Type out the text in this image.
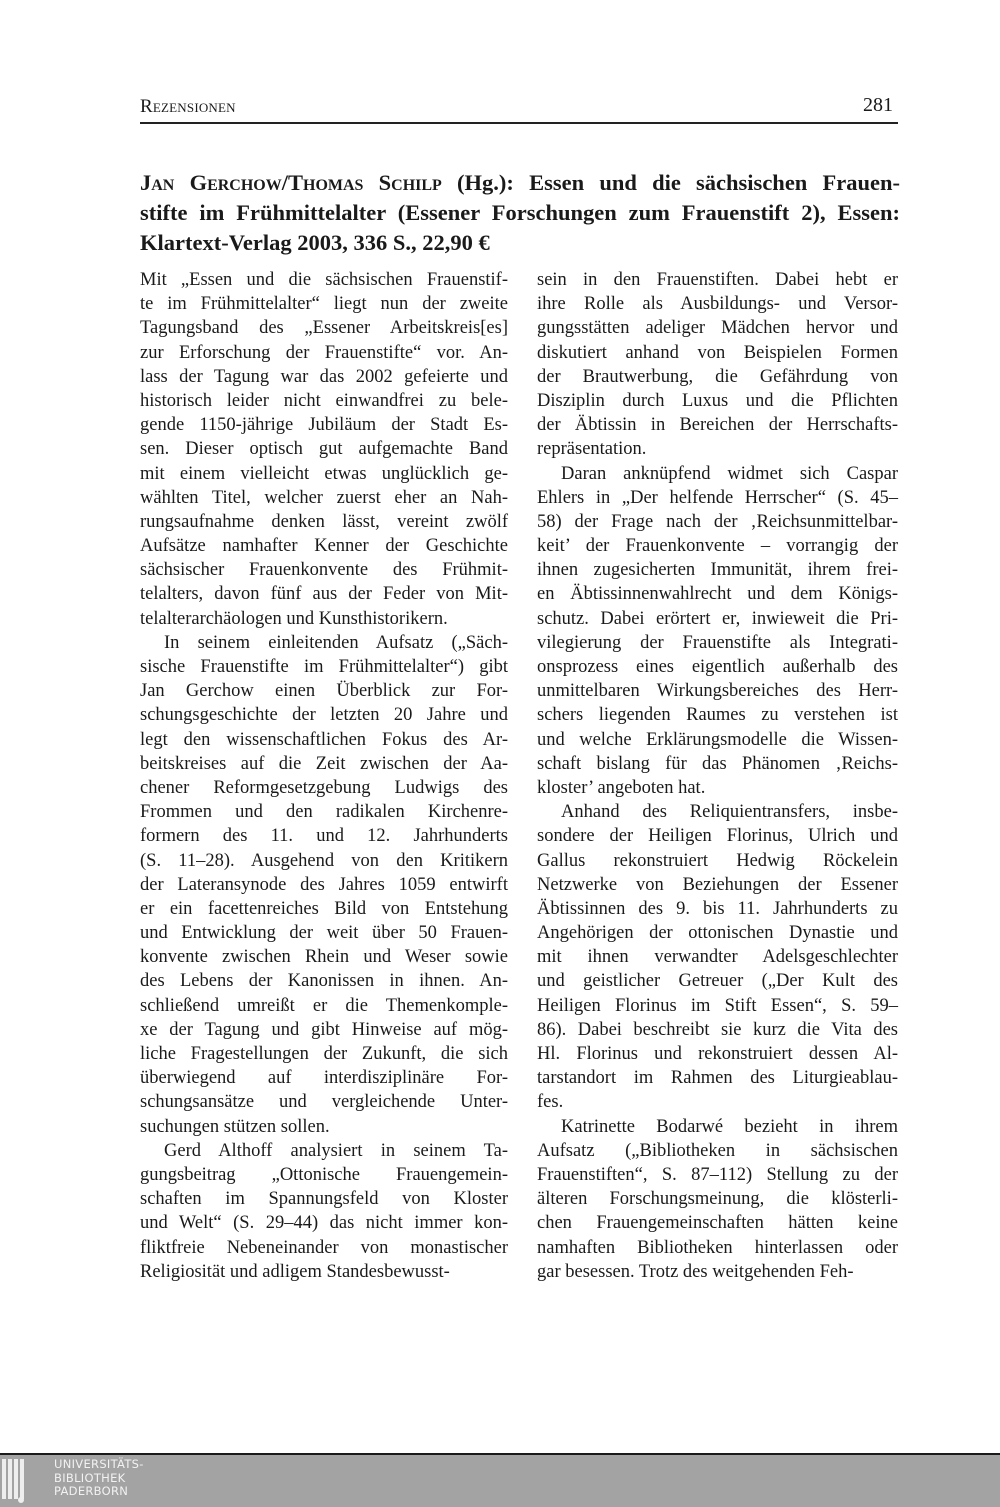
Rezensionen	281
Jan Gerchow/Thomas Schilp (Hg.): Essen und die sächsischen Frauen-
stifte im Frühmittelalter (Essener Forschungen zum Frauenstift 2), Essen:
Klartext-Verlag 2003, 336 S., 22,90 €
Mit „Essen und die sächsischen Frauenstif-
te im Frühmittelalter“ liegt nun der zweite
Tagungsband des „Essener Arbeitskreis[es]
zur Erforschung der Frauenstifte“ vor. An-
lass der Tagung war das 2002 gefeierte und
historisch leider nicht einwandfrei zu bele-
gende 1150-jährige Jubiläum der Stadt Es-
sen. Dieser optisch gut aufgemachte Band
mit einem vielleicht etwas unglücklich ge-
wählten Titel, welcher zuerst eher an Nah-
rungsaufnahme denken lässt, vereint zwölf
Aufsätze namhafter Kenner der Geschichte
sächsischer Frauenkonvente des Frühmit-
telalters, davon fünf aus der Feder von Mit-
telalterarchäologen und Kunsthistorikern.
In seinem einleitenden Aufsatz („Säch-
sische Frauenstifte im Frühmittelalter“) gibt
Jan Gerchow einen Überblick zur For-
schungsgeschichte der letzten 20 Jahre und
legt den wissenschaftlichen Fokus des Ar-
beitskreises auf die Zeit zwischen der Aa-
chener Reformgesetzgebung Ludwigs des
Frommen und den radikalen Kirchenre-
formern des 11. und 12. Jahrhunderts
(S. 11–28). Ausgehend von den Kritikern
der Lateransynode des Jahres 1059 entwirft
er ein facettenreiches Bild von Entstehung
und Entwicklung der weit über 50 Frauen-
konvente zwischen Rhein und Weser sowie
des Lebens der Kanonissen in ihnen. An-
schließend umreißt er die Themenkomple-
xe der Tagung und gibt Hinweise auf mög-
liche Fragestellungen der Zukunft, die sich
überwiegend auf interdisziplinäre For-
schungsansätze und vergleichende Unter-
suchungen stützen sollen.
Gerd Althoff analysiert in seinem Ta-
gungsbeitrag „Ottonische Frauengemein-
schaften im Spannungsfeld von Kloster
und Welt“ (S. 29–44) das nicht immer kon-
fliktfreie Nebeneinander von monastischer
Religiosität und adligem Standesbewusst-
sein in den Frauenstiften. Dabei hebt er
ihre Rolle als Ausbildungs- und Versor-
gungsstätten adeliger Mädchen hervor und
diskutiert anhand von Beispielen Formen
der Brautwerbung, die Gefährdung von
Disziplin durch Luxus und die Pflichten
der Äbtissin in Bereichen der Herrschafts-
repräsentation.
Daran anknüpfend widmet sich Caspar
Ehlers in „Der helfende Herrscher“ (S. 45–
58) der Frage nach der ‚Reichsunmittelbar-
keit’ der Frauenkonvente – vorrangig der
ihnen zugesicherten Immunität, ihrem frei-
en Äbtissinnenwahlrecht und dem Königs-
schutz. Dabei erörtert er, inwieweit die Pri-
vilegierung der Frauenstifte als Integrati-
onsprozess eines eigentlich außerhalb des
unmittelbaren Wirkungsbereiches des Herr-
schers liegenden Raumes zu verstehen ist
und welche Erklärungsmodelle die Wissen-
schaft bislang für das Phänomen ‚Reichs-
kloster’ angeboten hat.
Anhand des Reliquientransfers, insbe-
sondere der Heiligen Florinus, Ulrich und
Gallus rekonstruiert Hedwig Röckelein
Netzwerke von Beziehungen der Essener
Äbtissinnen des 9. bis 11. Jahrhunderts zu
Angehörigen der ottonischen Dynastie und
mit ihnen verwandter Adelsgeschlechter
und geistlicher Getreuer („Der Kult des
Heiligen Florinus im Stift Essen“, S. 59–
86). Dabei beschreibt sie kurz die Vita des
Hl. Florinus und rekonstruiert dessen Al-
tarstandort im Rahmen des Liturgieablau-
fes.
Katrinette Bodarwé bezieht in ihrem
Aufsatz („Bibliotheken in sächsischen
Frauenstiften“, S. 87–112) Stellung zu der
älteren Forschungsmeinung, die klösterli-
chen Frauengemeinschaften hätten keine
namhaften Bibliotheken hinterlassen oder
gar besessen. Trotz des weitgehenden Feh-
UNIVERSITÄTS-
BIBLIOTHEK
PADERBORN
